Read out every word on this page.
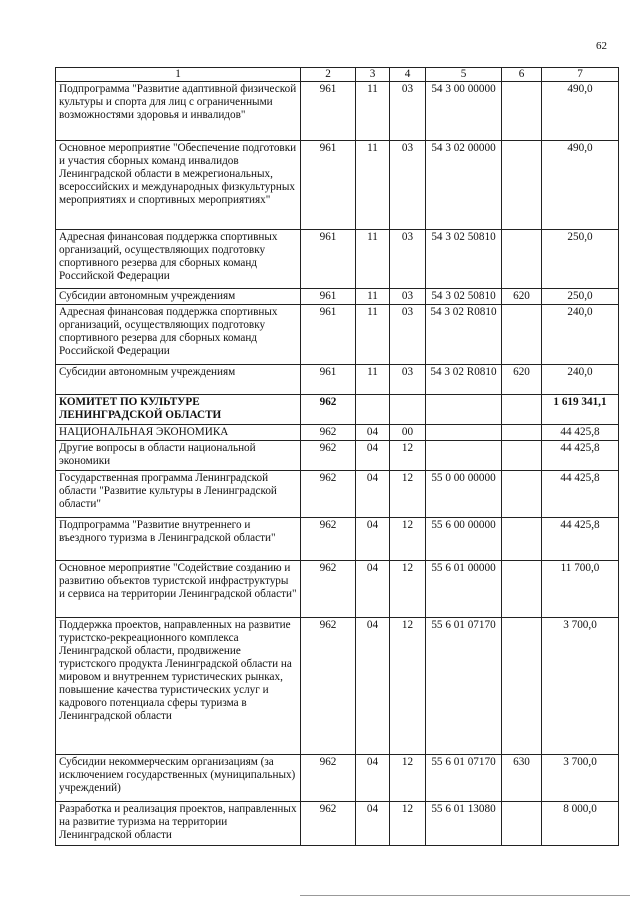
62
1	2	3	4	5	6	7
Подпрограмма "Развитие адаптивной физической культуры и спорта для лиц с ограниченными возможностями здоровья и инвалидов"	961	11	03	54 3 00 00000		490,0
Основное мероприятие "Обеспечение подготовки и участия сборных команд инвалидов Ленинградской области в межрегиональных, всероссийских и международных физкультурных мероприятиях и спортивных мероприятиях"	961	11	03	54 3 02 00000		490,0
Адресная финансовая поддержка спортивных организаций, осуществляющих подготовку спортивного резерва для сборных команд Российской Федерации	961	11	03	54 3 02 50810		250,0
Субсидии автономным учреждениям	961	11	03	54 3 02 50810	620	250,0
Адресная финансовая поддержка спортивных организаций, осуществляющих подготовку спортивного резерва для сборных команд Российской Федерации	961	11	03	54 3 02 R0810		240,0
Субсидии автономным учреждениям	961	11	03	54 3 02 R0810	620	240,0
КОМИТЕТ ПО КУЛЬТУРЕ ЛЕНИНГРАДСКОЙ ОБЛАСТИ	962					1 619 341,1
НАЦИОНАЛЬНАЯ ЭКОНОМИКА	962	04	00			44 425,8
Другие вопросы в области национальной экономики	962	04	12			44 425,8
Государственная программа Ленинградской области "Развитие культуры в Ленинградской области"	962	04	12	55 0 00 00000		44 425,8
Подпрограмма "Развитие внутреннего и въездного туризма в Ленинградской области"	962	04	12	55 6 00 00000		44 425,8
Основное мероприятие "Содействие созданию и развитию объектов туристской инфраструктуры и сервиса на территории Ленинградской области"	962	04	12	55 6 01 00000		11 700,0
Поддержка проектов, направленных на развитие туристско-рекреационного комплекса Ленинградской области, продвижение туристского продукта Ленинградской области на мировом и внутреннем туристических рынках, повышение качества туристических услуг и кадрового потенциала сферы туризма в Ленинградской области	962	04	12	55 6 01 07170		3 700,0
Субсидии некоммерческим организациям (за исключением государственных (муниципальных) учреждений)	962	04	12	55 6 01 07170	630	3 700,0
Разработка и реализация проектов, направленных на развитие туризма на территории Ленинградской области	962	04	12	55 6 01 13080		8 000,0
